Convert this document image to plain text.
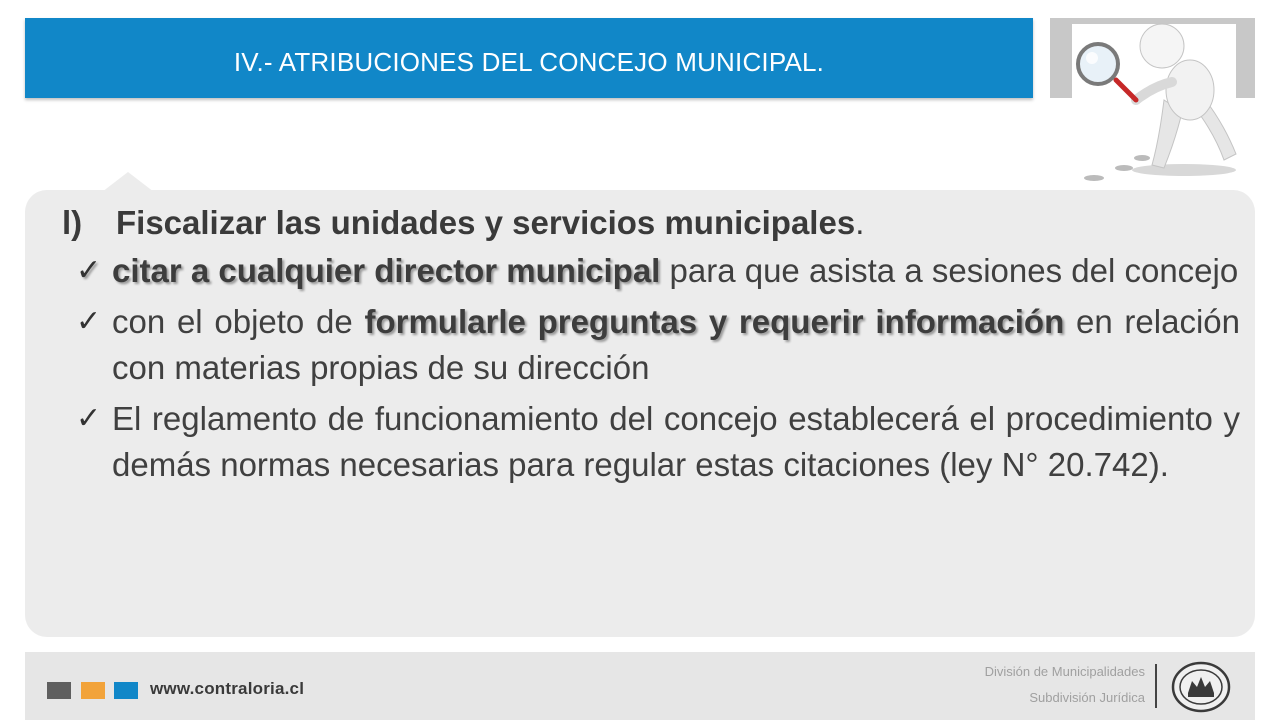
IV.- ATRIBUCIONES DEL CONCEJO MUNICIPAL.
l) Fiscalizar las unidades y servicios municipales.
✓ citar a cualquier director municipal para que asista a sesiones del concejo
✓ con el objeto de formularle preguntas y requerir información en relación con materias propias de su dirección
✓ El reglamento de funcionamiento del concejo establecerá el procedimiento y demás normas necesarias para regular estas citaciones (ley N° 20.742).
www.contraloria.cl
División de Municipalidades
Subdivisión Jurídica
